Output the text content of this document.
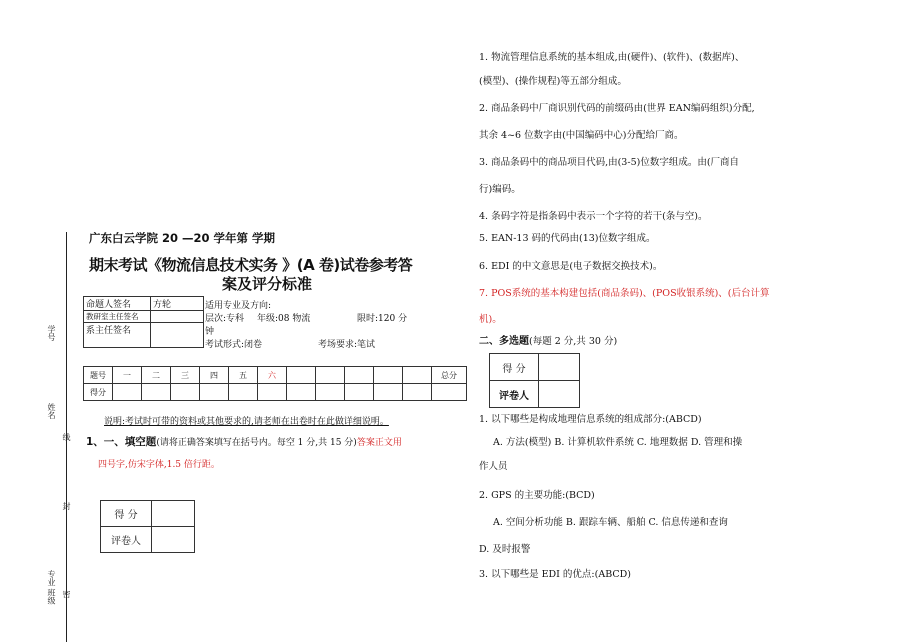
学号
姓名
线
封
专业 班级 密
广东白云学院 20 —20 学年第 学期
期末考试《物流信息技术实务 》(A 卷)试卷参考答
案及评分标准
命题人签名	方轮
教研室主任签名	
系主任签名	
适用专业及方向:
层次:专科 年级:08 物流	限时:120 分
钟
考试形式:闭卷	考场要求:笔试
题号	一	二	三	四	五	六						总分
得分												
说明:考试时可带的资料或其他要求的,请老师在出卷时在此做详细说明。
1、一、填空题(请将正确答案填写在括号内。每空 1 分,共 15 分)答案正文用
四号字,仿宋字体,1.5 倍行距。
得 分	
评卷人	
1. 物流管理信息系统的基本组成,由(硬件)、(软件)、(数据库)、
(模型)、(操作规程)等五部分组成。
2. 商品条码中厂商识别代码的前缀码由(世界 EAN编码组织)分配,
其余 4~6 位数字由(中国编码中心)分配给厂商。
3. 商品条码中的商品项目代码,由(3-5)位数字组成。由(厂商自
行)编码。
4. 条码字符是指条码中表示一个字符的若干(条与空)。
5. EAN-13 码的代码由(13)位数字组成。
6. EDI 的中文意思是(电子数据交换技术)。
7. POS系统的基本构建包括(商品条码)、(POS收银系统)、(后台计算
机)。
二、多选题(每题 2 分,共 30 分)
得 分	
评卷人	
1. 以下哪些是构成地理信息系统的组成部分:(ABCD)
A. 方法(模型) B. 计算机软件系统 C. 地理数据 D. 管理和操
作人员
2. GPS 的主要功能:(BCD)
A. 空间分析功能 B. 跟踪车辆、船舶 C. 信息传递和查询
D. 及时报警
3. 以下哪些是 EDI 的优点:(ABCD)
